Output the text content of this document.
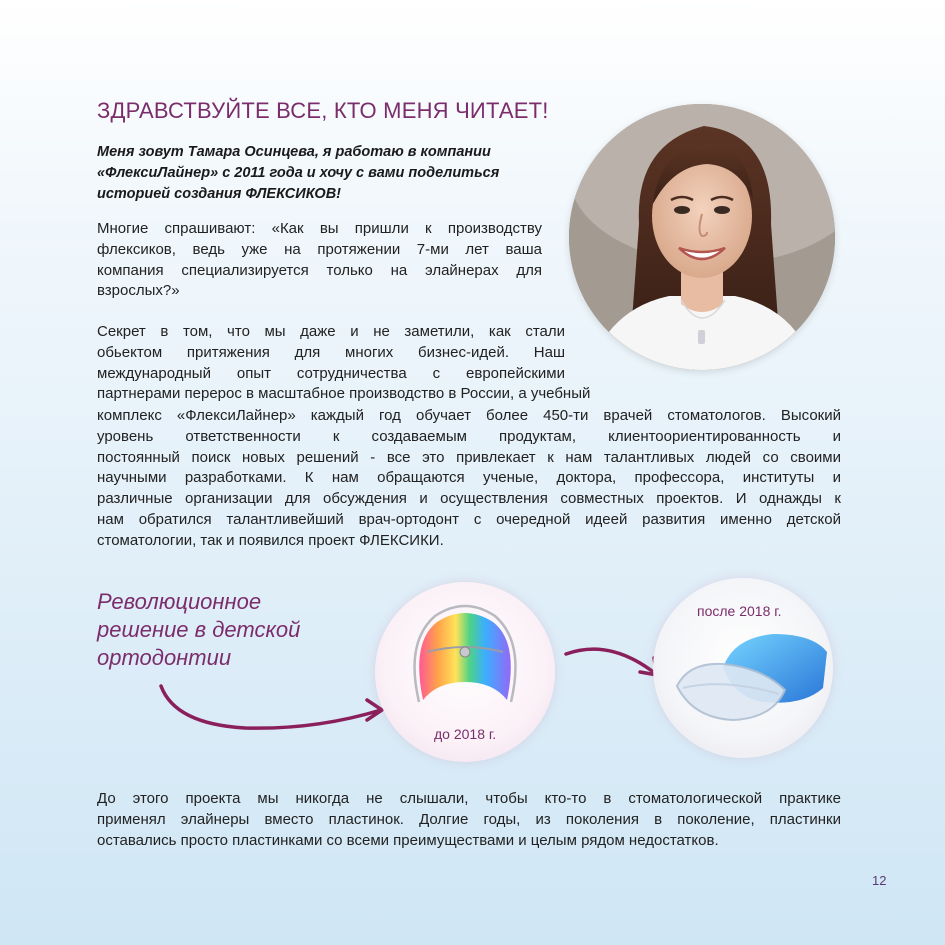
ЗДРАВСТВУЙТЕ ВСЕ, КТО МЕНЯ ЧИТАЕТ!
Меня зовут Тамара Осинцева, я работаю в компании
«ФлексиЛайнер» с 2011 года и хочу с вами поделиться
историей создания ФЛЕКСИКОВ!
Многие спрашивают: «Как вы пришли к производству
флексиков, ведь уже на протяжении 7-ми лет ваша
компания специализируется только на элайнерах для
взрослых?»
Секрет в том, что мы даже и не заметили, как стали
обьектом притяжения для многих бизнес-идей. Наш
международный опыт сотрудничества с европейскими
партнерами перерос в масштабное производство в России, а учебный
комплекс «ФлексиЛайнер» каждый год обучает более 450-ти врачей стоматологов. Высокий
уровень ответственности к создаваемым продуктам, клиентоориентированность и
постоянный поиск новых решений - все это привлекает к нам талантливых людей со своими
научными разработками. К нам обращаются ученые, доктора, профессора, институты и
различные организации для обсуждения и осуществления совместных проектов. И однажды к
нам обратился талантливейший врач-ортодонт с очередной идеей развития именно детской
стоматологии, так и появился проект ФЛЕКСИКИ.
Революционное
решение в детской
ортодонтии
до 2018 г.
после 2018 г.
До этого проекта мы никогда не слышали, чтобы кто-то в стоматологической практике
применял элайнеры вместо пластинок. Долгие годы, из поколения в поколение, пластинки
оставались просто пластинками со всеми преимуществами и целым рядом недостатков.
12
